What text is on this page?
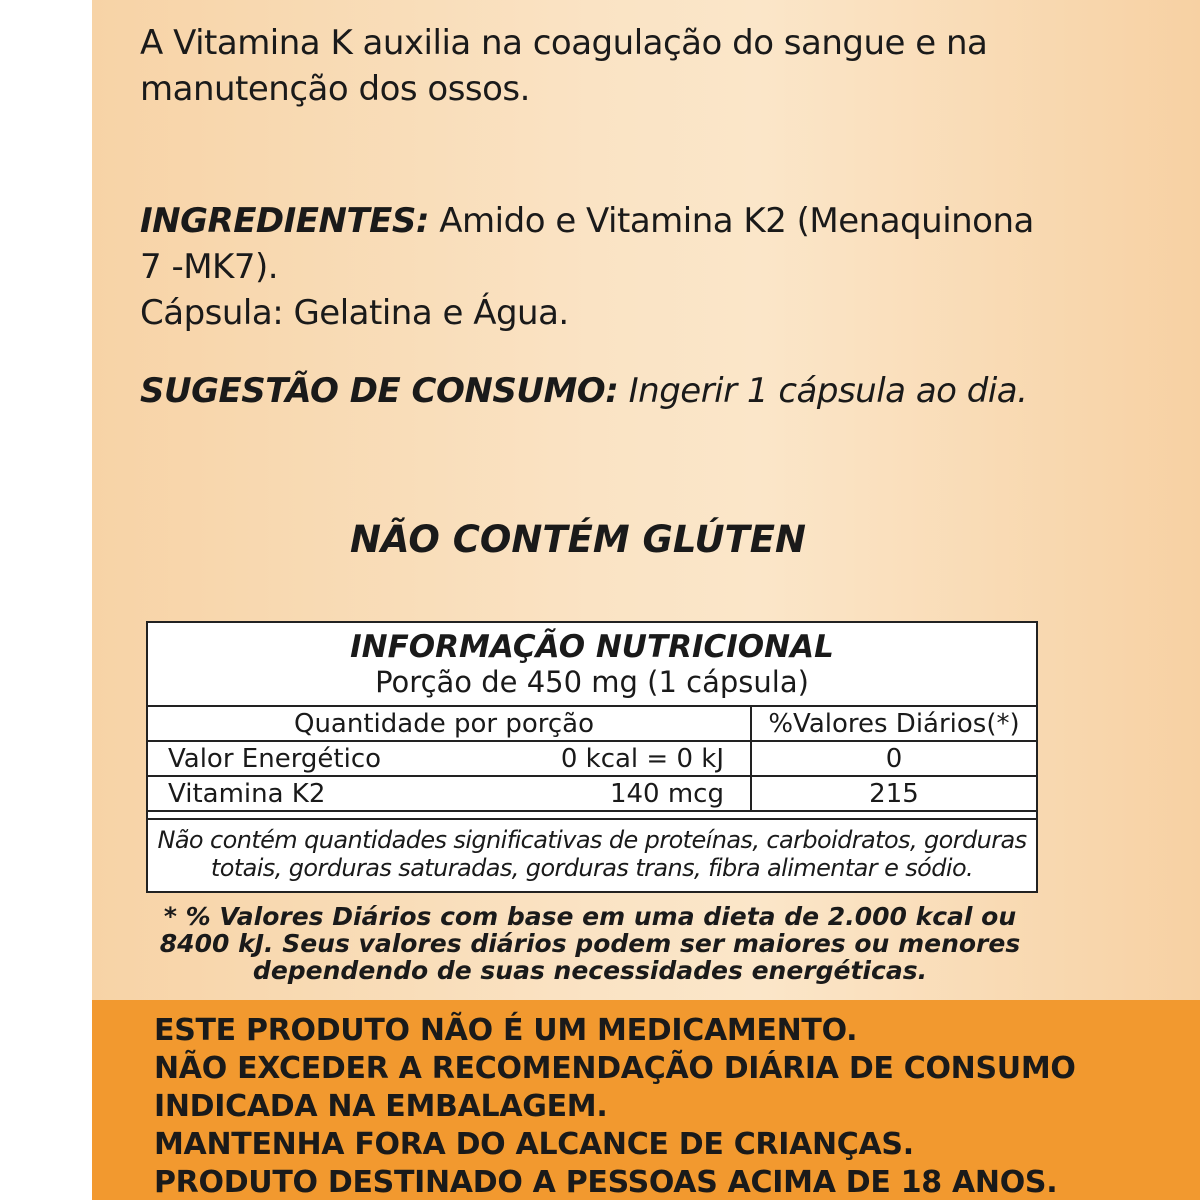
A Vitamina K auxilia na coagulação do sangue e na
manutenção dos ossos.
INGREDIENTES: Amido e Vitamina K2 (Menaquinona
7 -MK7).
Cápsula: Gelatina e Água.
SUGESTÃO DE CONSUMO: Ingerir 1 cápsula ao dia.
NÃO CONTÉM GLÚTEN
INFORMAÇÃO NUTRICIONAL
Porção de 450 mg (1 cápsula)
Quantidade por porção	%Valores Diários(*)
Valor Energético	0 kcal = 0 kJ	0
Vitamina K2	140 mcg	215
Não contém quantidades significativas de proteínas, carboidratos, gorduras
totais, gorduras saturadas, gorduras trans, fibra alimentar e sódio.
* % Valores Diários com base em uma dieta de 2.000 kcal ou
8400 kJ. Seus valores diários podem ser maiores ou menores
dependendo de suas necessidades energéticas.
ESTE PRODUTO NÃO É UM MEDICAMENTO.
NÃO EXCEDER A RECOMENDAÇÃO DIÁRIA DE CONSUMO
INDICADA NA EMBALAGEM.
MANTENHA FORA DO ALCANCE DE CRIANÇAS.
PRODUTO DESTINADO A PESSOAS ACIMA DE 18 ANOS.
